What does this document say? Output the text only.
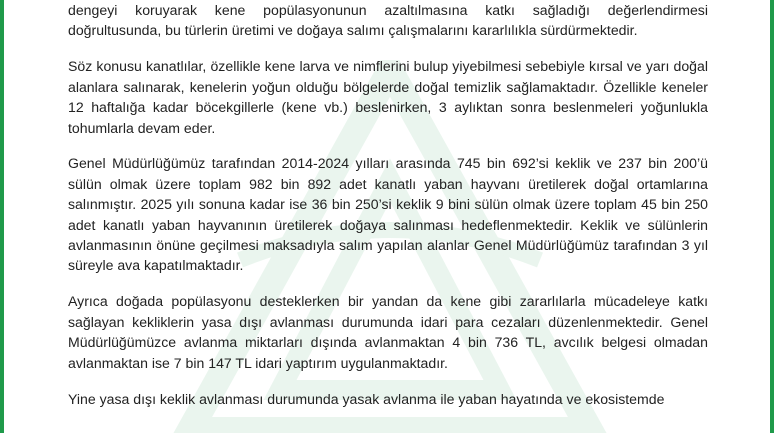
dengeyi koruyarak kene popülasyonunun azaltılmasına katkı sağladığı değerlendirmesi doğrultusunda, bu türlerin üretimi ve doğaya salımı çalışmalarını kararlılıkla sürdürmektedir.

Söz konusu kanatlılar, özellikle kene larva ve nimflerini bulup yiyebilmesi sebebiyle kırsal ve yarı doğal alanlara salınarak, kenelerin yoğun olduğu bölgelerde doğal temizlik sağlamaktadır. Özellikle keneler 12 haftalığa kadar böcekgillerle (kene vb.) beslenirken, 3 aylıktan sonra beslenmeleri yoğunlukla tohumlarla devam eder.

Genel Müdürlüğümüz tarafından 2014-2024 yılları arasında 745 bin 692’si keklik ve 237 bin 200’ü sülün olmak üzere toplam 982 bin 892 adet kanatlı yaban hayvanı üretilerek doğal ortamlarına salınmıştır. 2025 yılı sonuna kadar ise 36 bin 250’si keklik 9 bini sülün olmak üzere toplam 45 bin 250 adet kanatlı yaban hayvanının üretilerek doğaya salınması hedeflenmektedir. Keklik ve sülünlerin avlanmasının önüne geçilmesi maksadıyla salım yapılan alanlar Genel Müdürlüğümüz tarafından 3 yıl süreyle ava kapatılmaktadır.

Ayrıca doğada popülasyonu desteklerken bir yandan da kene gibi zararlılarla mücadeleye katkı sağlayan kekliklerin yasa dışı avlanması durumunda idari para cezaları düzenlenmektedir. Genel Müdürlüğümüzce avlanma miktarları dışında avlanmaktan 4 bin 736 TL, avcılık belgesi olmadan avlanmaktan ise 7 bin 147 TL idari yaptırım uygulanmaktadır.

Yine yasa dışı keklik avlanması durumunda yasak avlanma ile yaban hayatında ve ekosistemde
